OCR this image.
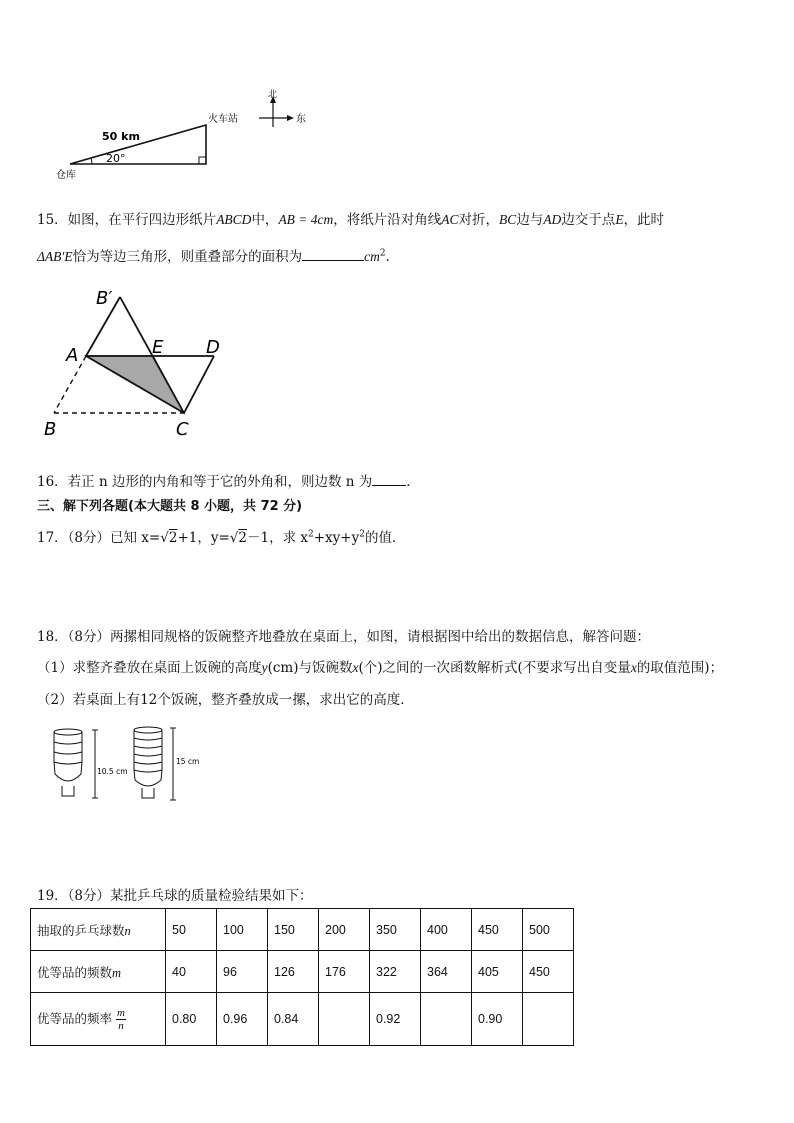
50 km
20°
仓库
火车站
北
东
15．如图，在平行四边形纸片ABCD中，AB = 4cm，将纸片沿对角线AC对折，BC边与AD边交于点E，此时
ΔAB′E恰为等边三角形，则重叠部分的面积为	$cm^2$．
B′
A	E D
B	C
16．若正 n 边形的内角和等于它的外角和，则边数 n 为	．
三、解下列各题(本大题共 8 小题，共 72 分)
17．（8分）已知 x=√2+1，y=√2－1，求 $x^2+xy+y^2$的值．
18．（8分）两摞相同规格的饭碗整齐地叠放在桌面上，如图，请根据图中给出的数据信息，解答问题：
（1）求整齐叠放在桌面上饭碗的高度y(cm)与饭碗数x(个)之间的一次函数解析式(不要求写出自变量x的取值范围)；
（2）若桌面上有12个饭碗，整齐叠放成一摞，求出它的高度．
10.5 cm
15 cm
19．（8分）某批乒乓球的质量检验结果如下：
抽取的乒乓球数n	50	100	150	200	350	400	450	500
优等品的频数m	40	96	126	176	322	364	405	450
优等品的频率 $\frac{m}{n}$	0.80	0.96	0.84		0.92		0.90	
